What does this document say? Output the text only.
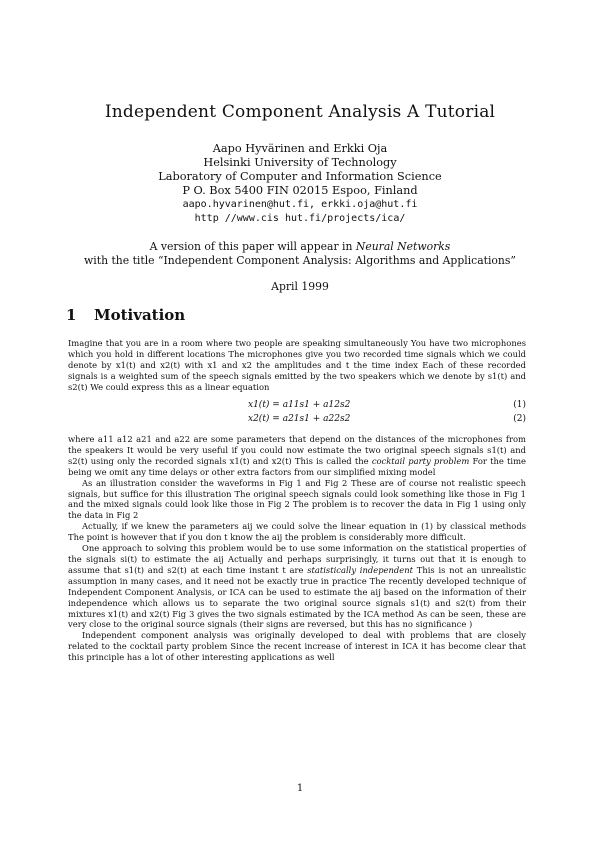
Independent Component Analysis A Tutorial
Aapo Hyvärinen and Erkki Oja
Helsinki University of Technology
Laboratory of Computer and Information Science
P O. Box 5400 FIN 02015 Espoo, Finland
aapo.hyvarinen@hut.fi, erkki.oja@hut.fi
http //www.cis hut.fi/projects/ica/
A version of this paper will appear in Neural Networks
with the title “Independent Component Analysis: Algorithms and Applications”
April 1999
1 Motivation

Imagine that you are in a room where two people are speaking simultaneously You have two microphones which you hold in different locations The microphones give you two recorded time signals which we could denote by x1(t) and x2(t) with x1 and x2 the amplitudes and t the time index Each of these recorded signals is a weighted sum of the speech signals emitted by the two speakers which we denote by s1(t) and s2(t) We could express this as a linear equation

x1(t) = a11s1 + a12s2	(1)
x2(t) = a21s1 + a22s2	(2)

where a11 a12 a21 and a22 are some parameters that depend on the distances of the microphones from the speakers It would be very useful if you could now estimate the two original speech signals s1(t) and s2(t) using only the recorded signals x1(t) and x2(t) This is called the cocktail party problem For the time being we omit any time delays or other extra factors from our simplified mixing model

As an illustration consider the waveforms in Fig 1 and Fig 2 These are of course not realistic speech signals, but suffice for this illustration The original speech signals could look something like those in Fig 1 and the mixed signals could look like those in Fig 2 The problem is to recover the data in Fig 1 using only the data in Fig 2

Actually, if we knew the parameters aij we could solve the linear equation in (1) by classical methods The point is however that if you don t know the aij the problem is considerably more difficult.

One approach to solving this problem would be to use some information on the statistical properties of the signals si(t) to estimate the aij Actually and perhaps surprisingly, it turns out that it is enough to assume that s1(t) and s2(t) at each time instant t are statistically independent This is not an unrealistic assumption in many cases, and it need not be exactly true in practice The recently developed technique of Independent Component Analysis, or ICA can be used to estimate the aij based on the information of their independence which allows us to separate the two original source signals s1(t) and s2(t) from their mixtures x1(t) and x2(t) Fig 3 gives the two signals estimated by the ICA method As can be seen, these are very close to the original source signals (their signs are reversed, but this has no significance )

Independent component analysis was originally developed to deal with problems that are closely related to the cocktail party problem Since the recent increase of interest in ICA it has become clear that this principle has a lot of other interesting applications as well

1
